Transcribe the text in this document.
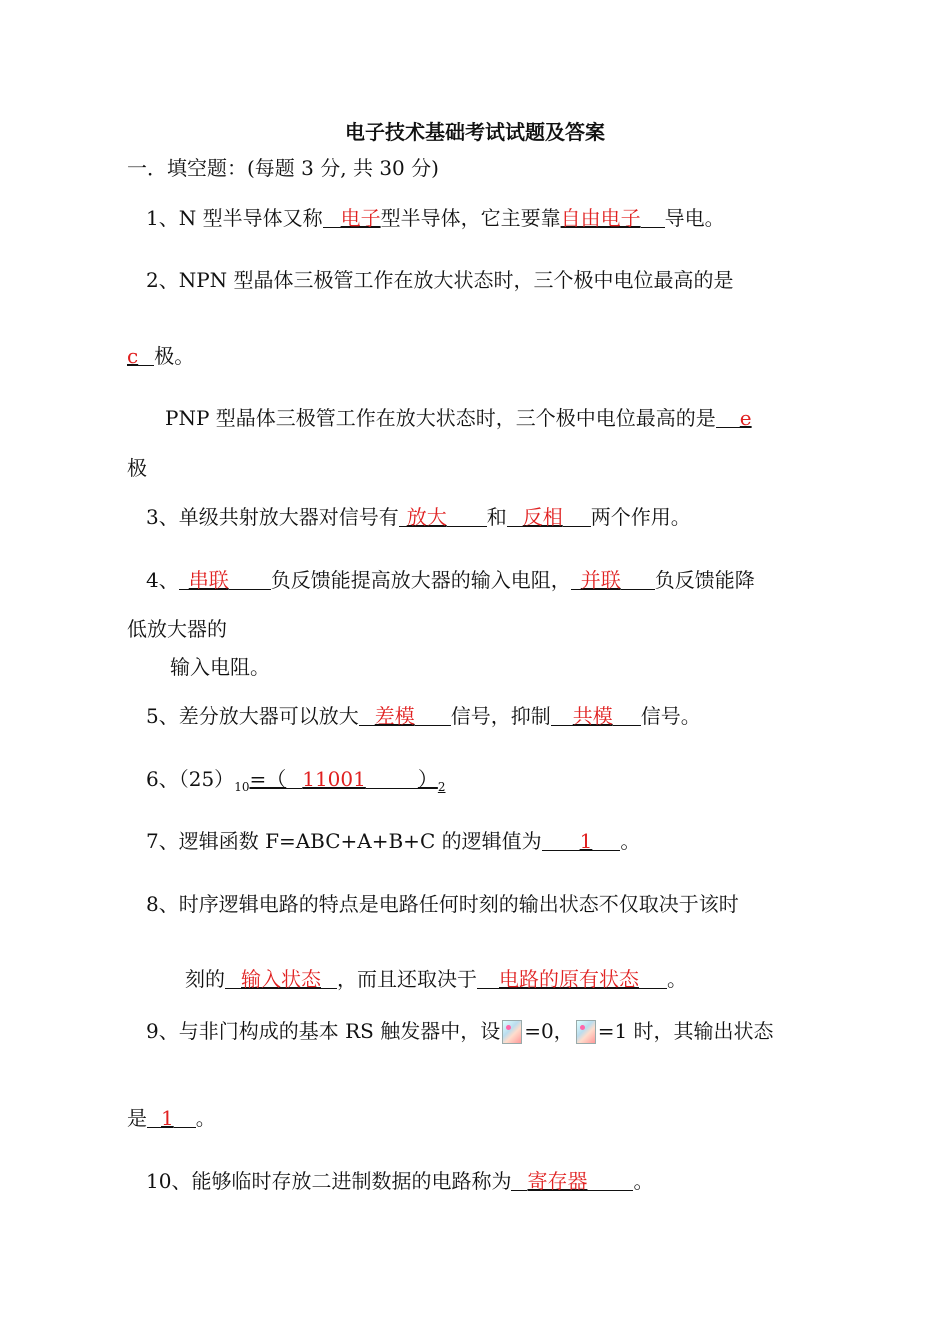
电子技术基础考试试题及答案
一．填空题：(每题 3 分, 共 30 分)
1、N 型半导体又称 电子型半导体，它主要靠自由电子 导电。
2、NPN 型晶体三极管工作在放大状态时，三个极中电位最高的是
c 极。
PNP 型晶体三极管工作在放大状态时，三个极中电位最高的是 e
极
3、单级共射放大器对信号有 放大 和 反相 两个作用。
4、 串联 负反馈能提高放大器的输入电阻， 并联 负反馈能降
低放大器的
输入电阻。
5、差分放大器可以放大 差模 信号，抑制 共模 信号。
6、$(25)_{10}=$（ 11001	）$_2$
7、逻辑函数 F=ABC+A+B+C 的逻辑值为 1 。
8、时序逻辑电路的特点是电路任何时刻的输出状态不仅取决于该时
刻的 输入状态 ，而且还取决于 电路的原有状态 。
9、与非门构成的基本 RS 触发器中，设 =0， =1 时，其输出状态
是 1 。
10、能够临时存放二进制数据的电路称为 寄存器 。
